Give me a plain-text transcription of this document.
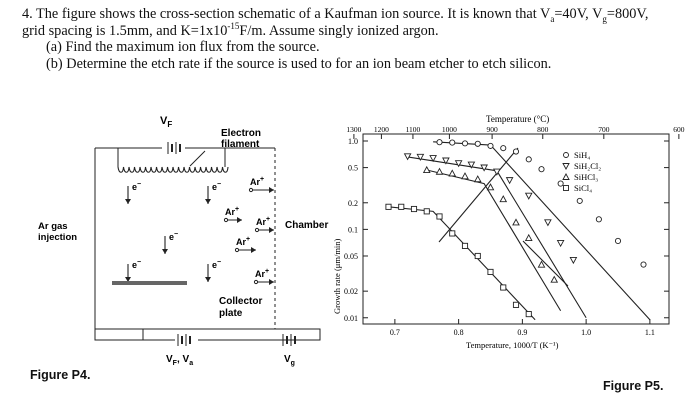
4. The figure shows the cross-section schematic of a Kaufman ion source. It is known that $V_a=40V$, $V_g=800V$,

grid spacing is 1.5mm, and $K=1x10^{-15}F/m$. Assume singly ionized argon.

(a) Find the maximum ion flux from the source.

(b) Determine the etch rate if the source is used to for an ion beam etcher to etch silicon.

$V_F$
Electron
filament
Ar gas
injection
Chamber
e−	e−
e−
e−	e−
Ar+
Ar+
Ar+
Ar+
Ar+
Collector
plate
$V_F$, $V_a$	$V_g$
Figure P4.
Temperature (°C)
1300 1200 1100	1000	900	800	700	600
1.0
0.5
0.2
0.1
0.05
0.02
0.01
0.7	0.8	0.9	1.0	1.1
Growth rate (μm/min)
Temperature, 1000/T (K⁻¹)
SiH₄
SiH₂Cl₂
SiHCl₃
SiCl₄
Figure P5.
